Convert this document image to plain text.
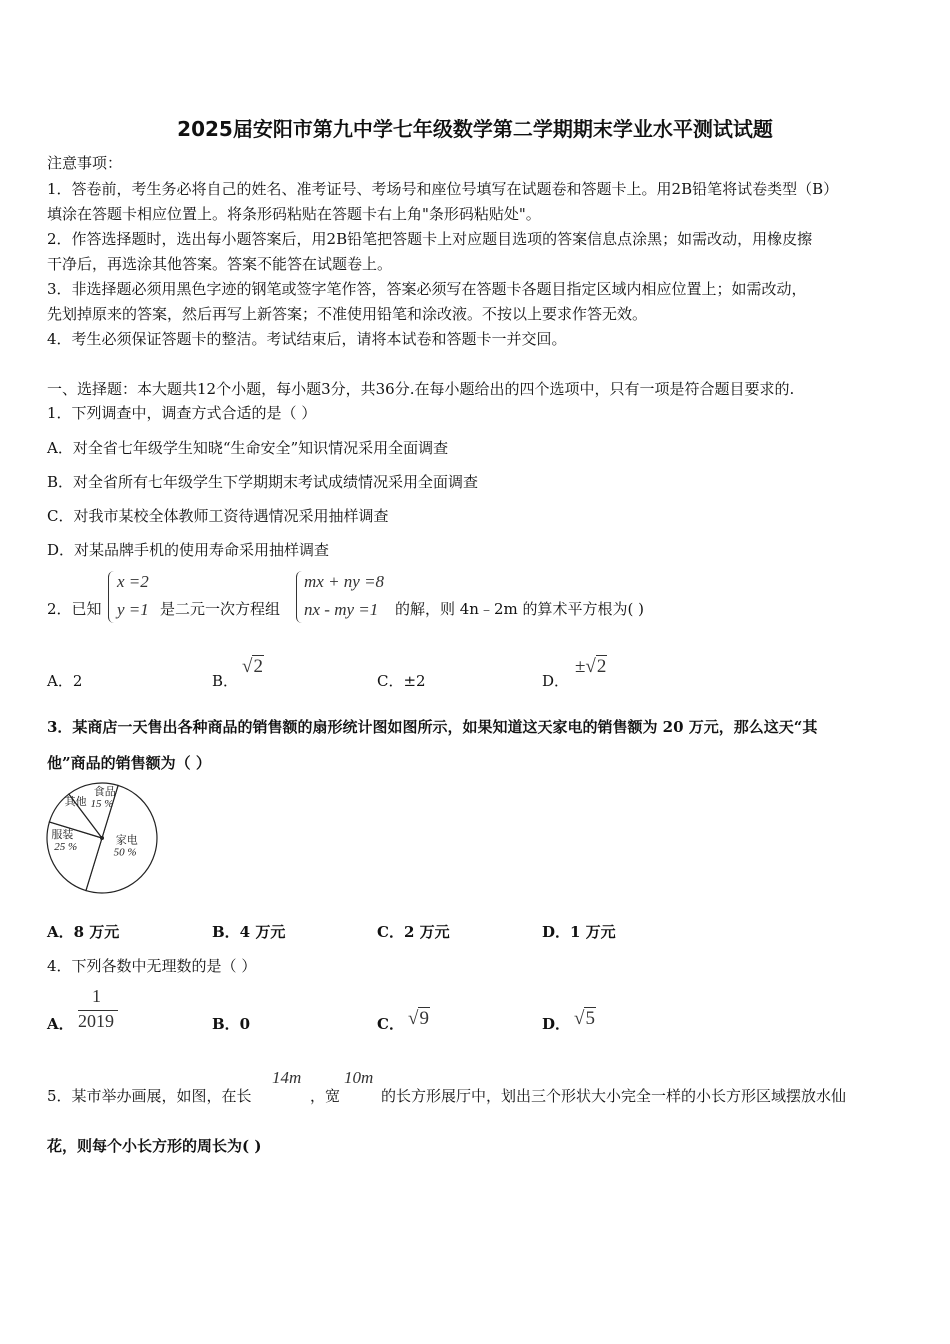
2025届安阳市第九中学七年级数学第二学期期末学业水平测试试题
注意事项：
1．答卷前，考生务必将自己的姓名、准考证号、考场号和座位号填写在试题卷和答题卡上。用2B铅笔将试卷类型（B）
填涂在答题卡相应位置上。将条形码粘贴在答题卡右上角"条形码粘贴处"。
2．作答选择题时，选出每小题答案后，用2B铅笔把答题卡上对应题目选项的答案信息点涂黑；如需改动，用橡皮擦
干净后，再选涂其他答案。答案不能答在试题卷上。
3．非选择题必须用黑色字迹的钢笔或签字笔作答，答案必须写在答题卡各题目指定区域内相应位置上；如需改动，
先划掉原来的答案，然后再写上新答案；不准使用铅笔和涂改液。不按以上要求作答无效。
4．考生必须保证答题卡的整洁。考试结束后，请将本试卷和答题卡一并交回。
一、选择题：本大题共12个小题，每小题3分，共36分.在每小题给出的四个选项中，只有一项是符合题目要求的.
1．下列调查中，调查方式合适的是（ ）
A．对全省七年级学生知晓“生命安全”知识情况采用全面调查
B．对全省所有七年级学生下学期期末考试成绩情况采用全面调查
C．对我市某校全体教师工资待遇情况采用抽样调查
D．对某品牌手机的使用寿命采用抽样调查
2．已知
x =2
y =1 是二元一次方程组
mx + ny =8
nx - my =1 的解，则 4n﹣2m 的算术平方根为( )
A．2	B．
√2
C．±2	D．
±√2
3．某商店一天售出各种商品的销售额的扇形统计图如图所示，如果知道这天家电的销售额为 20 万元，那么这天“其
他”商品的销售额为（ ）
家电
50 %
服装
25 %
其他
食品
15 %
A．8 万元	B．4 万元	C．2 万元	D．1 万元
4．下列各数中无理数的是（ ）
A．
1
2019	B．0	C． √9	D． √5
5．某市举办画展，如图，在长
14m
，宽
10m
的长方形展厅中，划出三个形状大小完全一样的小长方形区域摆放水仙
花，则每个小长方形的周长为( )
